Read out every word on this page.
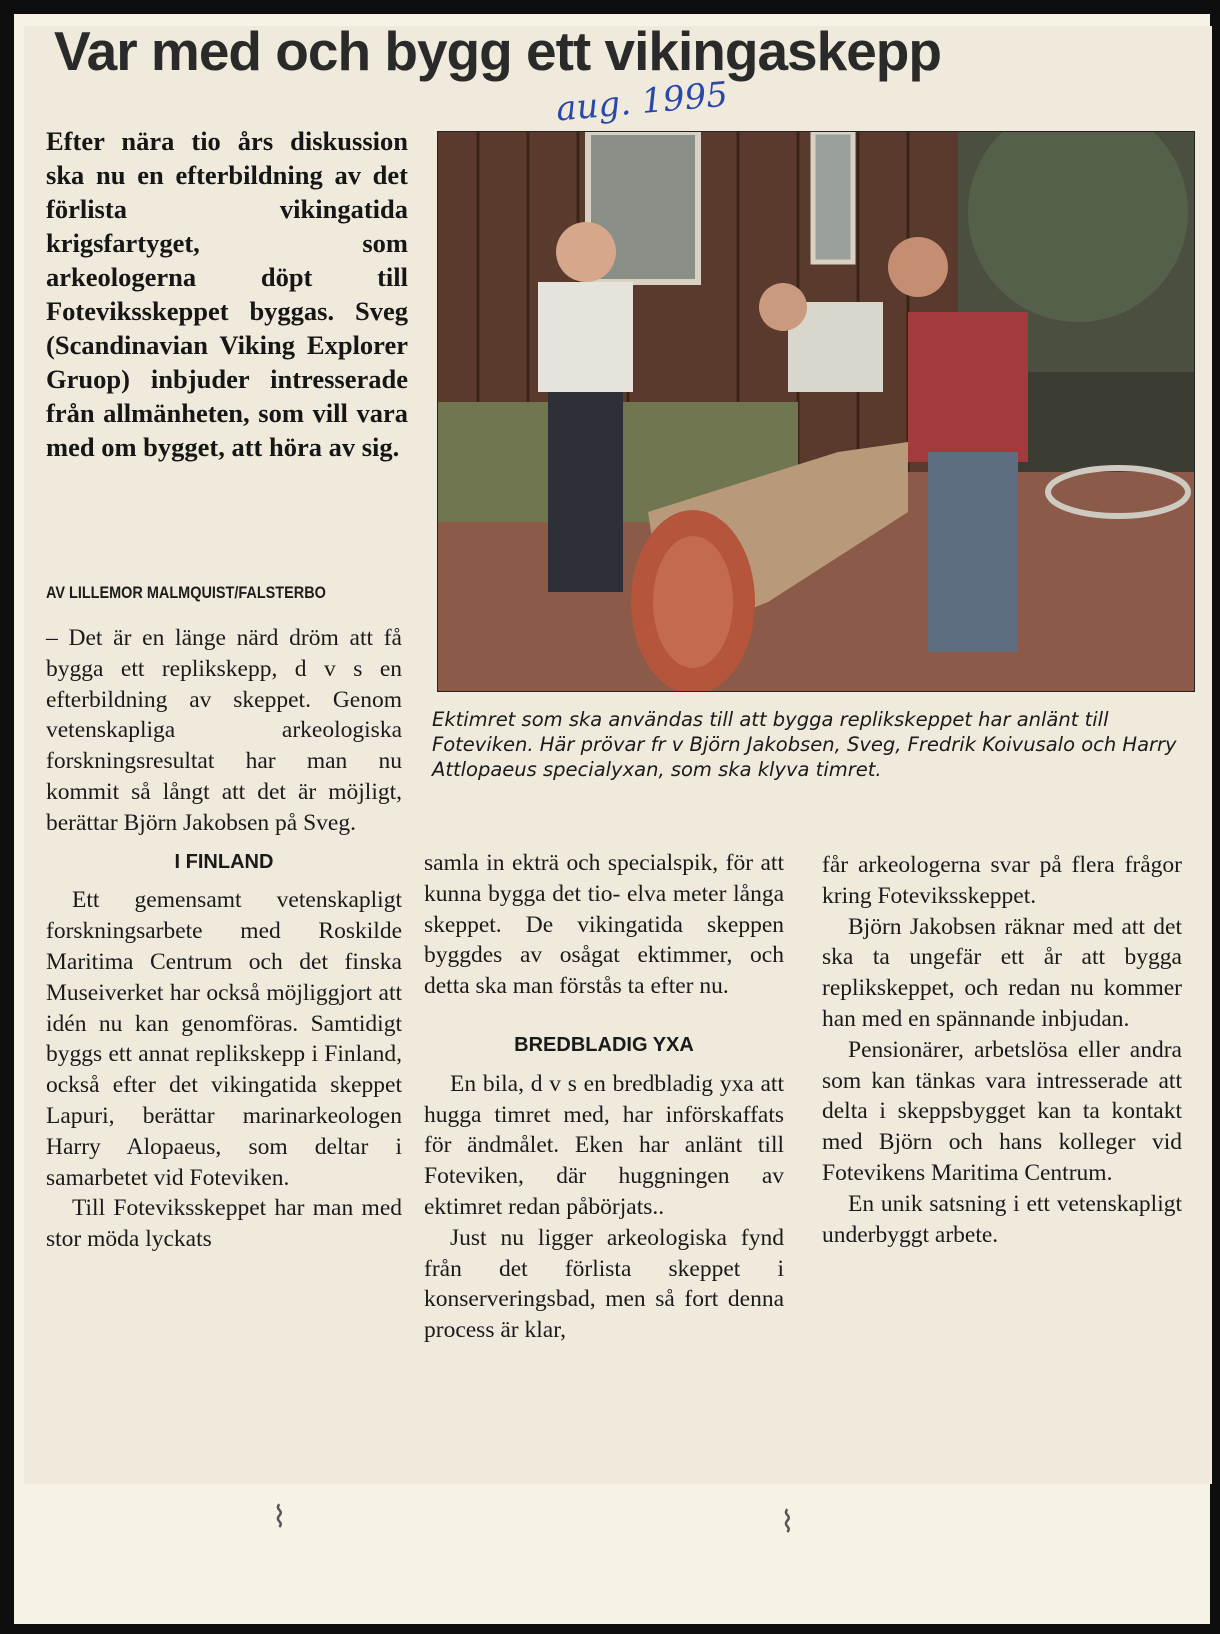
Var med och bygg ett vikingaskepp
aug. 1995

Efter nära tio års diskussion ska nu en efterbildning av det förlista vikingatida krigsfartyget, som arkeologerna döpt till Foteviksskeppet byggas. Sveg (Scandinavian Viking Explorer Gruop) inbjuder intresserade från allmänheten, som vill vara med om bygget, att höra av sig.

AV LILLEMOR MALMQUIST/FALSTERBO

Ektimret som ska användas till att bygga replikskeppet har anlänt till Foteviken. Här prövar fr v Björn Jakobsen, Sveg, Fredrik Koivusalo och Harry Attlopaeus specialyxan, som ska klyva timret.

– Det är en länge närd dröm att få bygga ett replikskepp, d v s en efterbildning av skeppet. Genom vetenskapliga arkeologiska forskningsresultat har man nu kommit så långt att det är möjligt, berättar Björn Jakobsen på Sveg.

I FINLAND

Ett gemensamt vetenskapligt forskningsarbete med Roskilde Maritima Centrum och det finska Museiverket har också möjliggjort att idén nu kan genomföras. Samtidigt byggs ett annat replikskepp i Finland, också efter det vikingatida skeppet Lapuri, berättar marinarkeologen Harry Alopaeus, som deltar i samarbetet vid Foteviken.

Till Foteviksskeppet har man med stor möda lyckats

samla in ekträ och specialspik, för att kunna bygga det tio- elva meter långa skeppet. De vikingatida skeppen byggdes av osågat ektimmer, och detta ska man förstås ta efter nu.

BREDBLADIG YXA

En bila, d v s en bredbladig yxa att hugga timret med, har införskaffats för ändmålet. Eken har anlänt till Foteviken, där huggningen av ektimret redan påbörjats..

Just nu ligger arkeologiska fynd från det förlista skeppet i konserveringsbad, men så fort denna process är klar,

får arkeologerna svar på flera frågor kring Foteviksskeppet.

Björn Jakobsen räknar med att det ska ta ungefär ett år att bygga replikskeppet, och redan nu kommer han med en spännande inbjudan.

Pensionärer, arbetslösa eller andra som kan tänkas vara intresserade att delta i skeppsbygget kan ta kontakt med Björn och hans kolleger vid Fotevikens Maritima Centrum.

En unik satsning i ett vetenskapligt underbyggt arbete.

⌇	⌇
